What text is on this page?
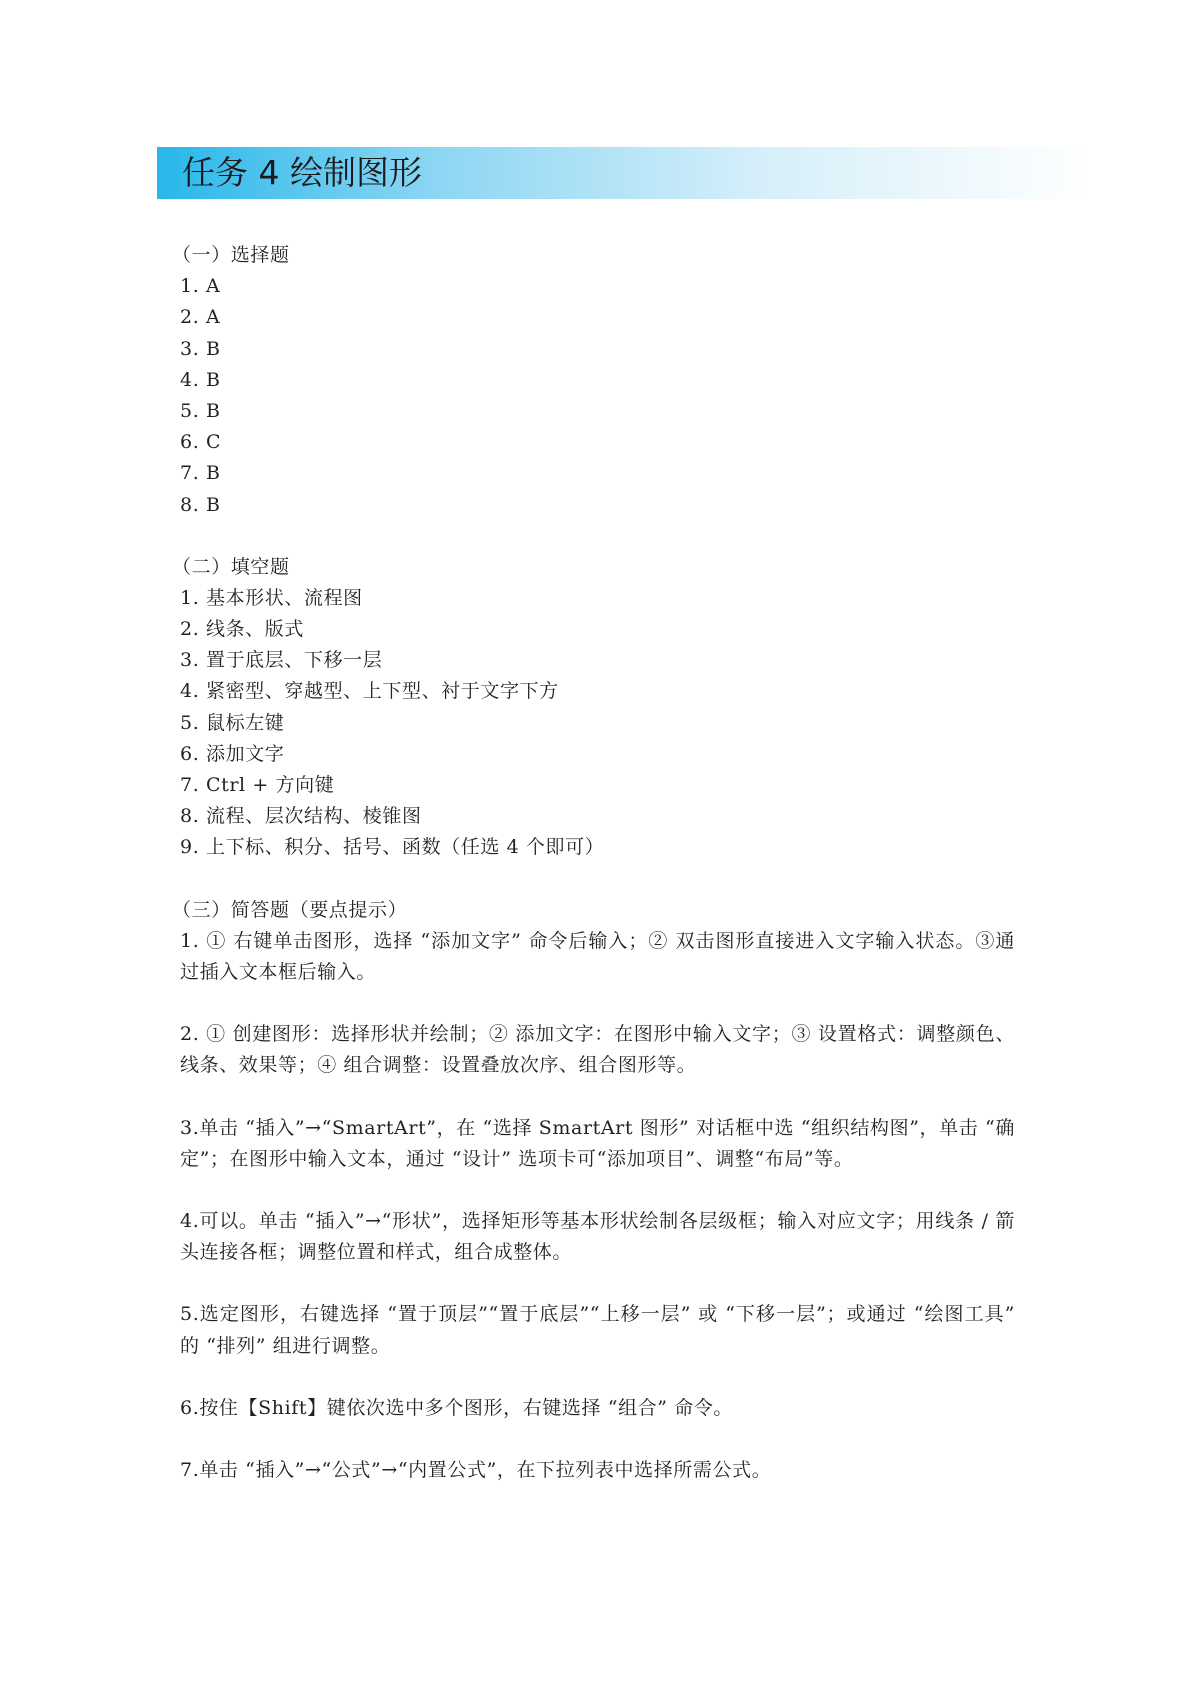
任务 4 绘制图形
（一）选择题
1. A
2. A
3. B
4. B
5. B
6. C
7. B
8. B
（二）填空题
1. 基本形状、流程图
2. 线条、版式
3. 置于底层、下移一层
4. 紧密型、穿越型、上下型、衬于文字下方
5. 鼠标左键
6. 添加文字
7. Ctrl + 方向键
8. 流程、层次结构、棱锥图
9. 上下标、积分、括号、函数（任选 4 个即可）
（三）简答题（要点提示）
1. ① 右键单击图形，选择 “添加文字” 命令后输入；② 双击图形直接进入文字输入状态。③通过插入文本框后输入。
2. ① 创建图形：选择形状并绘制；② 添加文字：在图形中输入文字；③ 设置格式：调整颜色、线条、效果等；④ 组合调整：设置叠放次序、组合图形等。
3.单击 “插入”→“SmartArt”，在 “选择 SmartArt 图形” 对话框中选 “组织结构图”，单击 “确定”；在图形中输入文本，通过 “设计” 选项卡可“添加项目”、调整“布局”等。
4.可以。单击 “插入”→“形状”，选择矩形等基本形状绘制各层级框；输入对应文字；用线条 / 箭头连接各框；调整位置和样式，组合成整体。
5.选定图形，右键选择 “置于顶层”“置于底层”“上移一层” 或 “下移一层”；或通过 “绘图工具” 的 “排列” 组进行调整。
6.按住【Shift】键依次选中多个图形，右键选择 “组合” 命令。
7.单击 “插入”→“公式”→“内置公式”，在下拉列表中选择所需公式。
